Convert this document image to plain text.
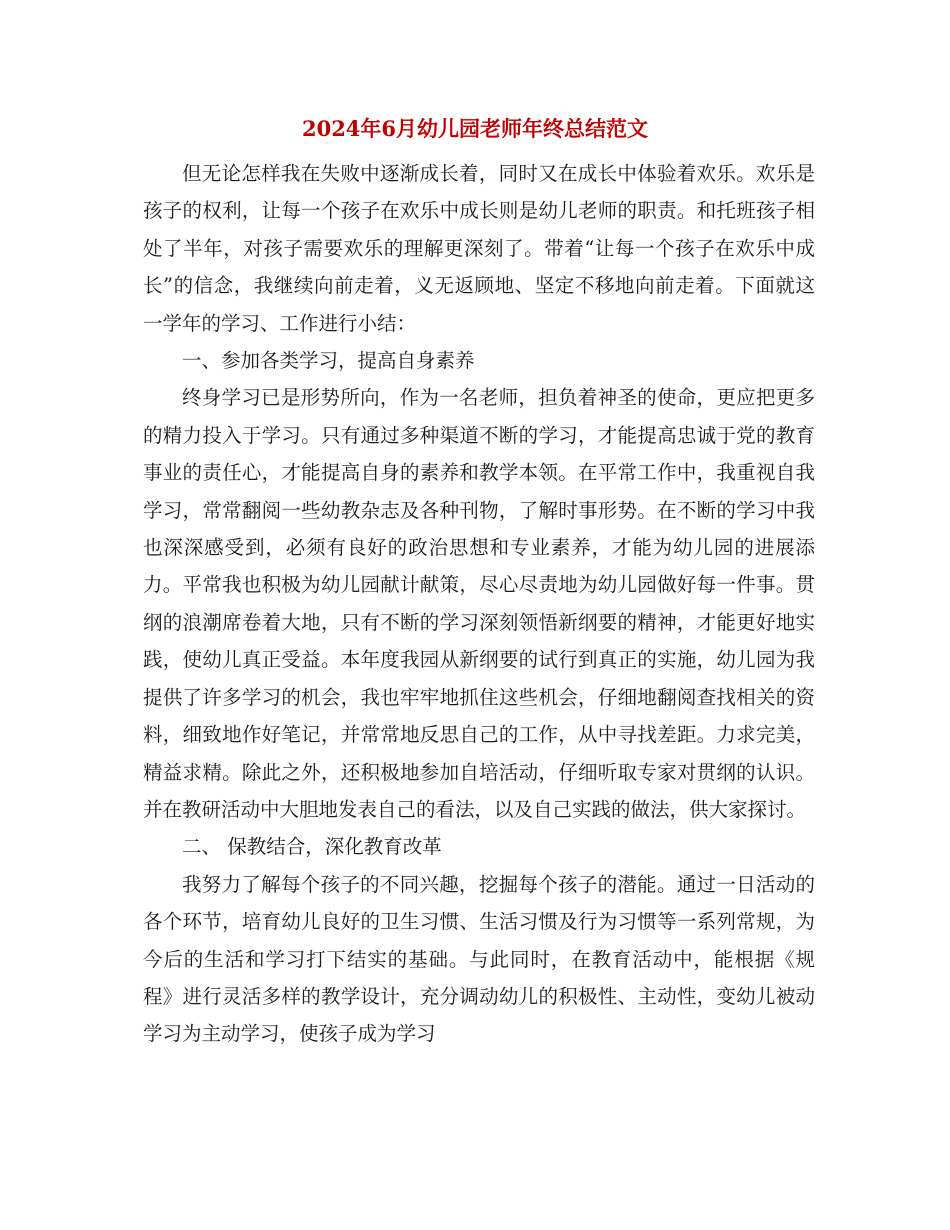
2024年6月幼儿园老师年终总结范文

但无论怎样我在失败中逐渐成长着，同时又在成长中体验着欢乐。欢乐是孩子的权利，让每一个孩子在欢乐中成长则是幼儿老师的职责。和托班孩子相处了半年，对孩子需要欢乐的理解更深刻了。带着“让每一个孩子在欢乐中成长”的信念，我继续向前走着，义无返顾地、坚定不移地向前走着。下面就这一学年的学习、工作进行小结：

一、参加各类学习，提高自身素养

终身学习已是形势所向，作为一名老师，担负着神圣的使命，更应把更多的精力投入于学习。只有通过多种渠道不断的学习，才能提高忠诚于党的教育事业的责任心，才能提高自身的素养和教学本领。在平常工作中，我重视自我学习，常常翻阅一些幼教杂志及各种刊物，了解时事形势。在不断的学习中我也深深感受到，必须有良好的政治思想和专业素养，才能为幼儿园的进展添力。平常我也积极为幼儿园献计献策，尽心尽责地为幼儿园做好每一件事。贯纲的浪潮席卷着大地，只有不断的学习深刻领悟新纲要的精神，才能更好地实践，使幼儿真正受益。本年度我园从新纲要的试行到真正的实施，幼儿园为我提供了许多学习的机会，我也牢牢地抓住这些机会，仔细地翻阅查找相关的资料，细致地作好笔记，并常常地反思自己的工作，从中寻找差距。力求完美，精益求精。除此之外，还积极地参加自培活动，仔细听取专家对贯纲的认识。并在教研活动中大胆地发表自己的看法，以及自己实践的做法，供大家探讨。

二、 保教结合，深化教育改革

我努力了解每个孩子的不同兴趣，挖掘每个孩子的潜能。通过一日活动的各个环节，培育幼儿良好的卫生习惯、生活习惯及行为习惯等一系列常规，为今后的生活和学习打下结实的基础。与此同时，在教育活动中，能根据《规程》进行灵活多样的教学设计，充分调动幼儿的积极性、主动性，变幼儿被动学习为主动学习，使孩子成为学习
